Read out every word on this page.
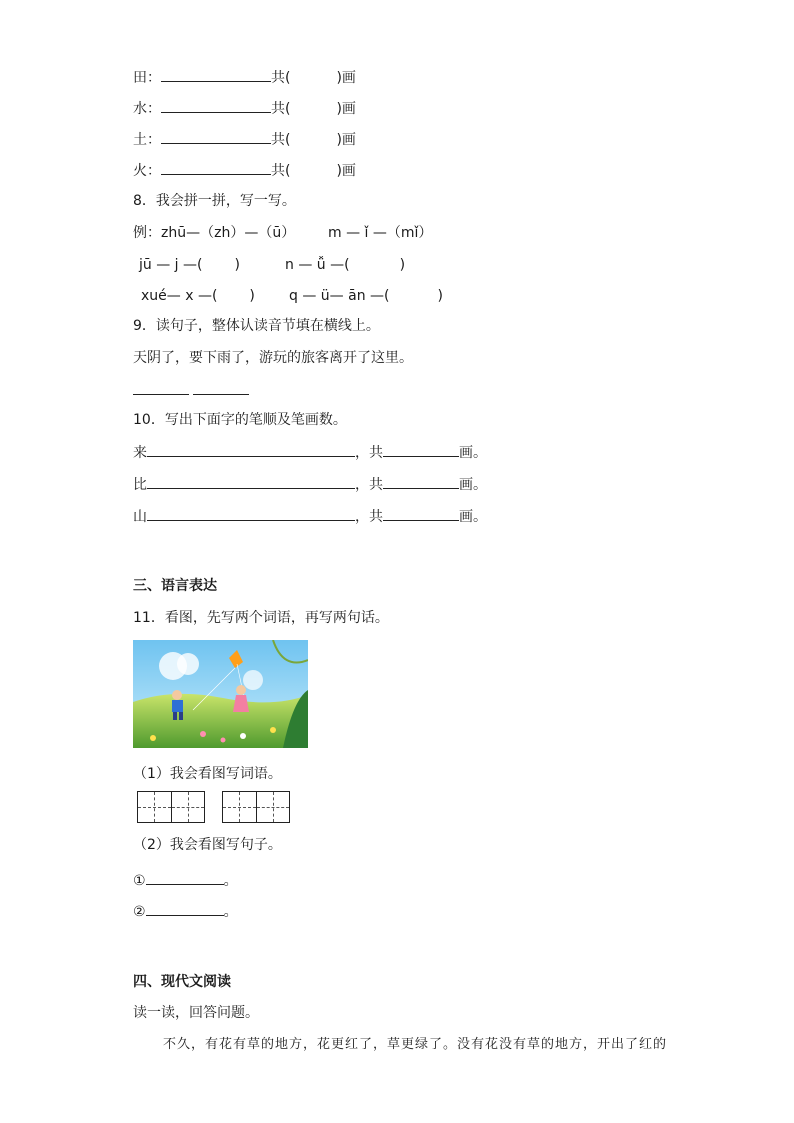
田：	共(	)画
水：	共(	)画
土：	共(	)画
火：	共(	)画
8．我会拼一拼，写一写。
例：zhū—（zh）—（ū） m — ǐ —（mǐ）
jū — j —( )	n — ǚ —(	)
xué— x —( ) q — ü— ān —(	)
9．读句子，整体认读音节填在横线上。
天阴了，要下雨了，游玩的旅客离开了这里。

10．写出下面字的笔顺及笔画数。
来	，共	画。
比	，共	画。
山	，共	画。
三、语言表达
11．看图，先写两个词语，再写两句话。
（1）我会看图写词语。
（2）我会看图写句子。
①	。
②	。
四、现代文阅读
读一读，回答问题。
不久，有花有草的地方，花更红了，草更绿了。没有花没有草的地方，开出了红的
